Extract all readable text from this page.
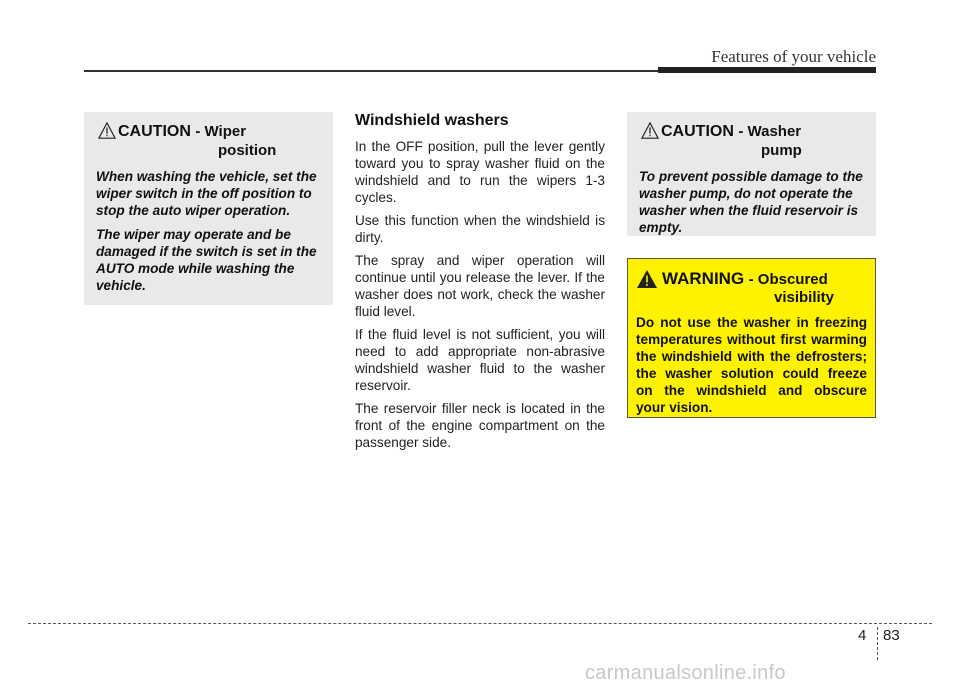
Features of your vehicle
CAUTION - Wiper
position

When washing the vehicle, set the wiper switch in the off position to stop the auto wiper operation.

The wiper may operate and be damaged if the switch is set in the AUTO mode while washing the vehicle.

Windshield washers

In the OFF position, pull the lever gently toward you to spray washer fluid on the windshield and to run the wipers 1-3 cycles.

Use this function when the windshield is dirty.

The spray and wiper operation will continue until you release the lever. If the washer does not work, check the washer fluid level.

If the fluid level is not sufficient, you will need to add appropriate non-abrasive windshield washer fluid to the washer reservoir.

The reservoir filler neck is located in the front of the engine compartment on the passenger side.

CAUTION - Washer
pump

To prevent possible damage to the washer pump, do not operate the washer when the fluid reservoir is empty.

WARNING - Obscured
visibility
Do not use the washer in freezing temperatures without first warming the windshield with the defrosters; the washer solution could freeze on the windshield and obscure your vision.
4 83
carmanualsonline.info
